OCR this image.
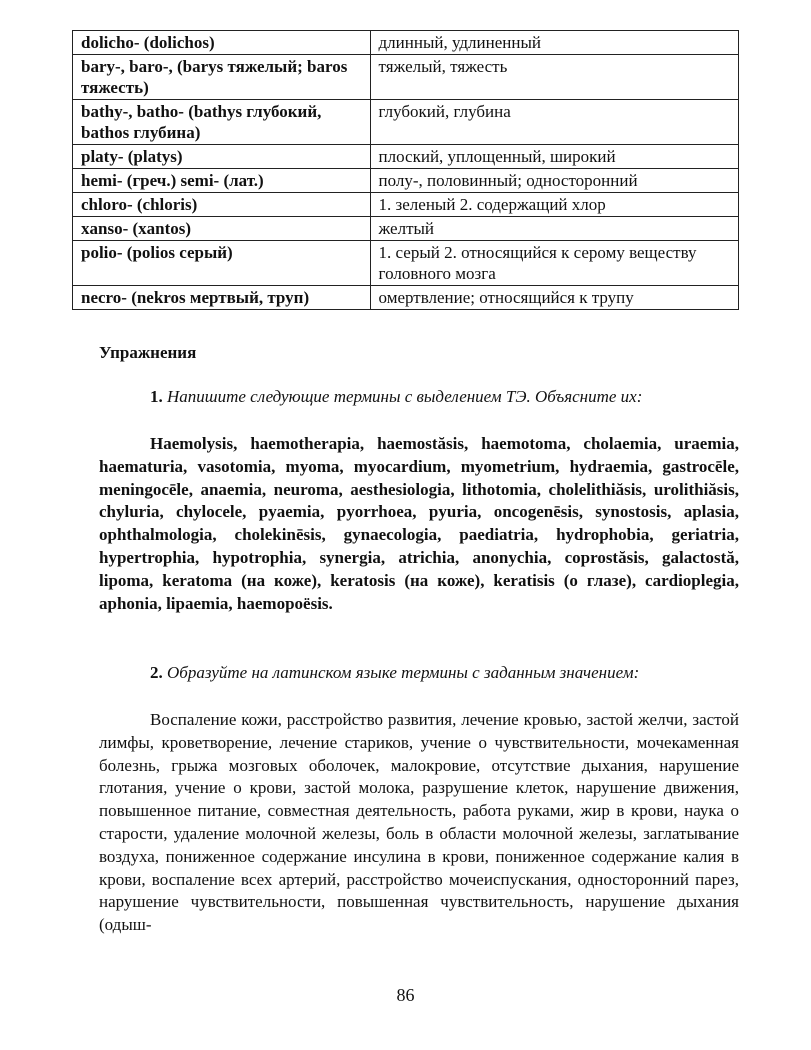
dolicho- (dolichos)	длинный, удлиненный

bary-, baro-, (barys тяжелый; baros тяжесть)	тяжелый, тяжесть

bathy-, batho- (bathys глубокий, bathos глубина)	глубокий, глубина

platy- (platys)	плоский, уплощенный, широкий

hemi- (греч.) semi- (лат.)	полу-, половинный; односторонний

chloro- (chloris)	1. зеленый 2. содержащий хлор

xanso- (xantos)	желтый

polio- (polios серый)	1. серый 2. относящийся к серому веществу головного мозга

necro- (nekros мертвый, труп)	омертвление; относящийся к трупу
Упражнения
1. Напишите следующие термины с выделением ТЭ. Объясните их:
Haemolysis, haemotherapia, haemostăsis, haemotoma, cholaemia, uraemia, haematuria, vasotomia, myoma, myocardium, myometrium, hydraemia, gastrocēle, meningocēle, anaemia, neuroma, aesthesiologia, lithotomia, cholelithiăsis, urolithiăsis, chyluria, chylocele, pyaemia, pyorrhoea, pyuria, oncogenēsis, synostosis, aplasia, ophthalmologia, cholekinēsis, gynaecologia, paediatria, hydrophobia, geriatria, hypertrophia, hypotrophia, synergia, atrichia, anonychia, coprostăsis, galactostă, lipoma, keratoma (на коже), keratosis (на коже), keratisis (о глазе), cardioplegia, aphonia, lipaemia, haemopoësis.
2. Образуйте на латинском языке термины с заданным значением:
Воспаление кожи, расстройство развития, лечение кровью, застой желчи, застой лимфы, кроветворение, лечение стариков, учение о чувствительности, мочекаменная болезнь, грыжа мозговых оболочек, малокровие, отсутствие дыхания, нарушение глотания, учение о крови, застой молока, разрушение клеток, нарушение движения, повышенное питание, совместная деятельность, работа руками, жир в крови, наука о старости, удаление молочной железы, боль в области молочной железы, заглатывание воздуха, пониженное содержание инсулина в крови, пониженное содержание калия в крови, воспаление всех артерий, расстройство мочеиспускания, односторонний парез, нарушение чувствительности, повышенная чувствительность, нарушение дыхания (одыш-
86
